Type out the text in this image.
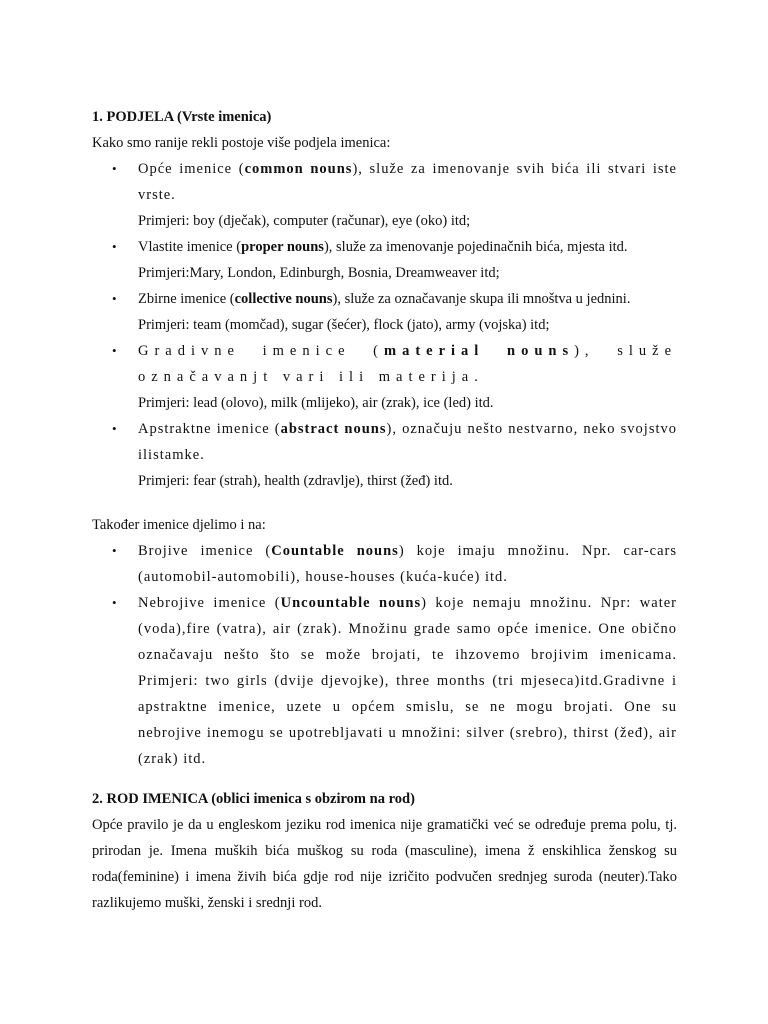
1. PODJELA (Vrste imenica)

Kako smo ranije rekli postoje više podjela imenica:

• Opće imenice (common nouns), služe za imenovanje svih bića ili stvari iste vrste.
Primjeri: boy (dječak), computer (računar), eye (oko) itd;
• Vlastite imenice (proper nouns), služe za imenovanje pojedinačnih bića, mjesta itd.
Primjeri:Mary, London, Edinburgh, Bosnia, Dreamweaver itd;
• Zbirne imenice (collective nouns), služe za označavanje skupa ili mnoštva u jednini.
Primjeri: team (momčad), sugar (šećer), flock (jato), army (vojska) itd;
• Gradivne imenice (material nouns), služe označavanjt vari ili materija.
Primjeri: lead (olovo), milk (mlijeko), air (zrak), ice (led) itd.
• Apstraktne imenice (abstract nouns), označuju nešto nestvarno, neko svojstvo ilistamke.
Primjeri: fear (strah), health (zdravlje), thirst (žeđ) itd.

Također imenice djelimo i na:

• Brojive imenice (Countable nouns) koje imaju množinu. Npr. car-cars (automobil-automobili), house-houses (kuća-kuće) itd.
• Nebrojive imenice (Uncountable nouns) koje nemaju množinu. Npr: water (voda),fire (vatra), air (zrak). Množinu grade samo opće imenice. One obično označavaju nešto što se može brojati, te ihzovemo brojivim imenicama. Primjeri: two girls (dvije djevojke), three months (tri mjeseca)itd.Gradivne i apstraktne imenice, uzete u općem smislu, se ne mogu brojati. One su nebrojive inemogu se upotrebljavati u množini: silver (srebro), thirst (žeđ), air (zrak) itd.
2. ROD IMENICA (oblici imenica s obzirom na rod)

Opće pravilo je da u engleskom jeziku rod imenica nije gramatički već se određuje prema polu, tj. prirodan je. Imena muških bića muškog su roda (masculine), imena ž enskihlica ženskog su roda(feminine) i imena živih bića gdje rod nije izričito podvučen srednjeg suroda (neuter).Tako razlikujemo muški, ženski i srednji rod.
